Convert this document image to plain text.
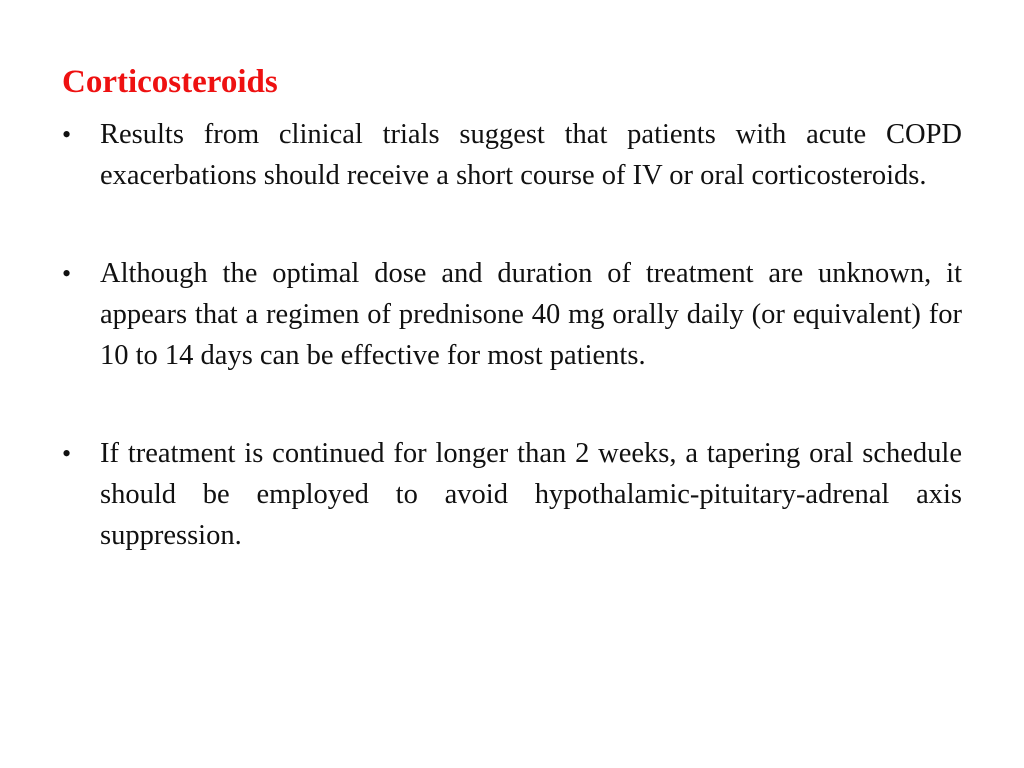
Corticosteroids
•	Results from clinical trials suggest that patients with acute COPD exacerbations should receive a short course of IV or oral corticosteroids.
•	Although the optimal dose and duration of treatment are unknown, it appears that a regimen of prednisone 40 mg orally daily (or equivalent) for 10 to 14 days can be effective for most patients.
•	If treatment is continued for longer than 2 weeks, a tapering oral schedule should be employed to avoid hypothalamic-pituitary-adrenal axis suppression.
